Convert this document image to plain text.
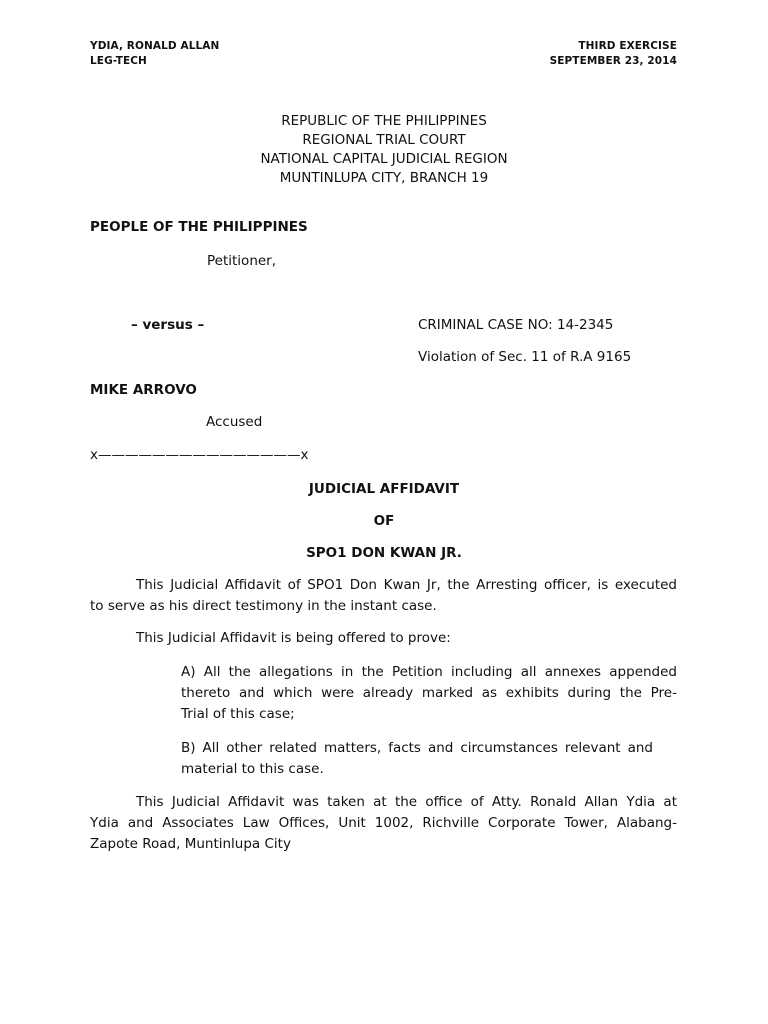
YDIA, RONALD ALLAN
LEG-TECH
THIRD EXERCISE
SEPTEMBER 23, 2014
REPUBLIC OF THE PHILIPPINES
REGIONAL TRIAL COURT
NATIONAL CAPITAL JUDICIAL REGION
MUNTINLUPA CITY, BRANCH 19
PEOPLE OF THE PHILIPPINES
Petitioner,
– versus –	CRIMINAL CASE NO: 14-2345
Violation of Sec. 11 of R.A 9165
MIKE ARROVO
Accused
x———————————————x
JUDICIAL AFFIDAVIT
OF
SPO1 DON KWAN JR.
This Judicial Affidavit of SPO1 Don Kwan Jr, the Arresting officer, is executed
to serve as his direct testimony in the instant case.
This Judicial Affidavit is being offered to prove:
A) All the allegations in the Petition including all annexes appended
thereto and which were already marked as exhibits during the Pre-
Trial of this case;
B) All other related matters, facts and circumstances relevant and
material to this case.
This Judicial Affidavit was taken at the office of Atty. Ronald Allan Ydia at
Ydia and Associates Law Offices, Unit 1002, Richville Corporate Tower, Alabang-
Zapote Road, Muntinlupa City
